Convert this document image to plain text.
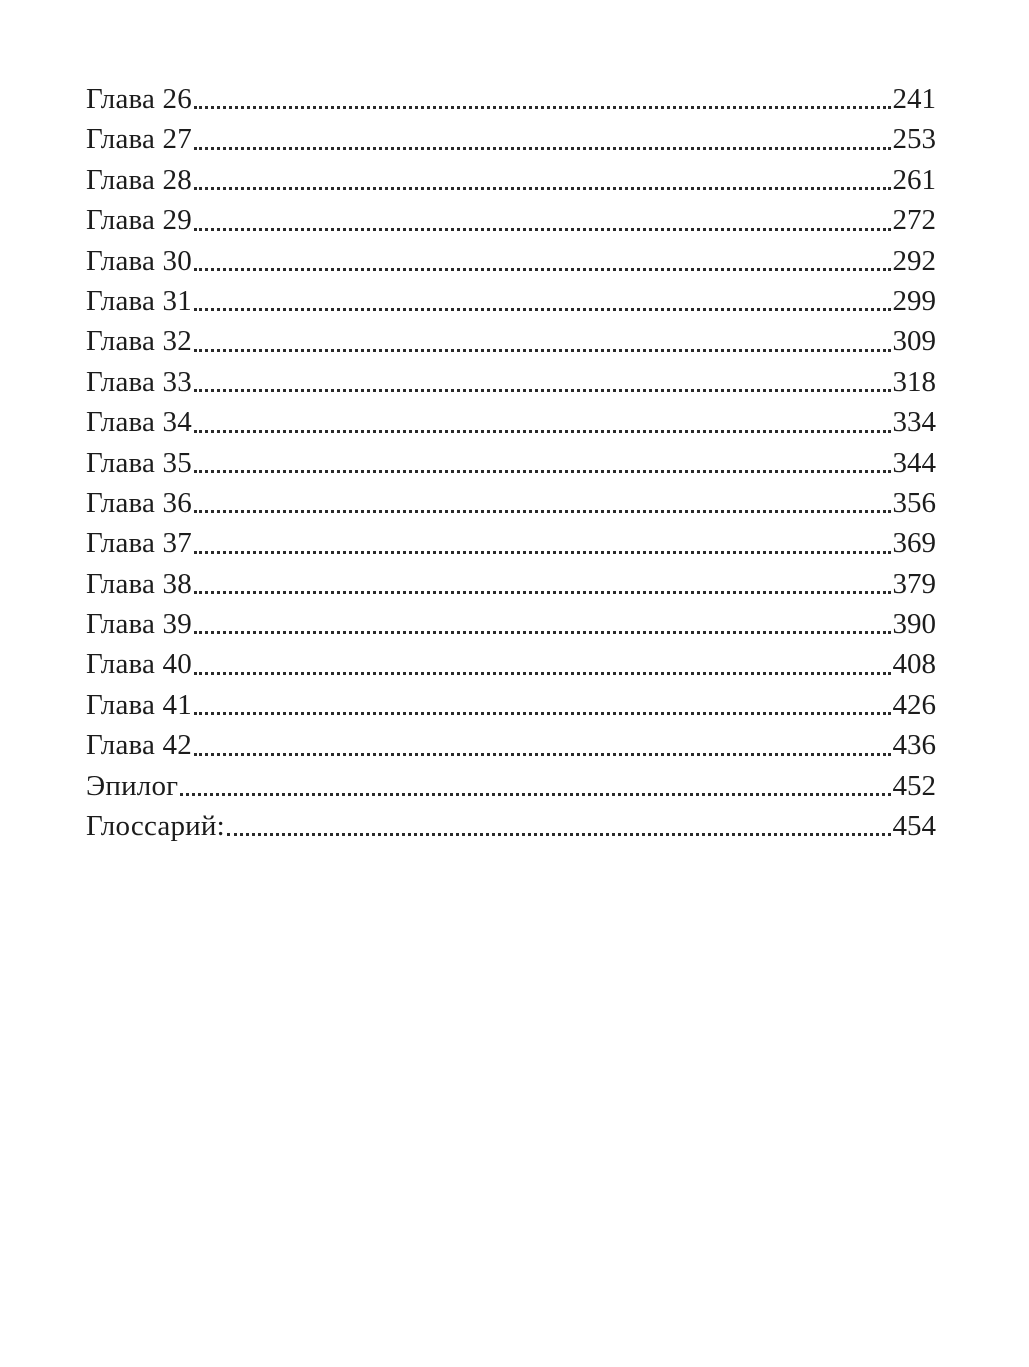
Глава 26	241
Глава 27	253
Глава 28	261
Глава 29	272
Глава 30	292
Глава 31	299
Глава 32	309
Глава 33	318
Глава 34	334
Глава 35	344
Глава 36	356
Глава 37	369
Глава 38	379
Глава 39	390
Глава 40	408
Глава 41	426
Глава 42	436
Эпилог	452
Глоссарий:	454
